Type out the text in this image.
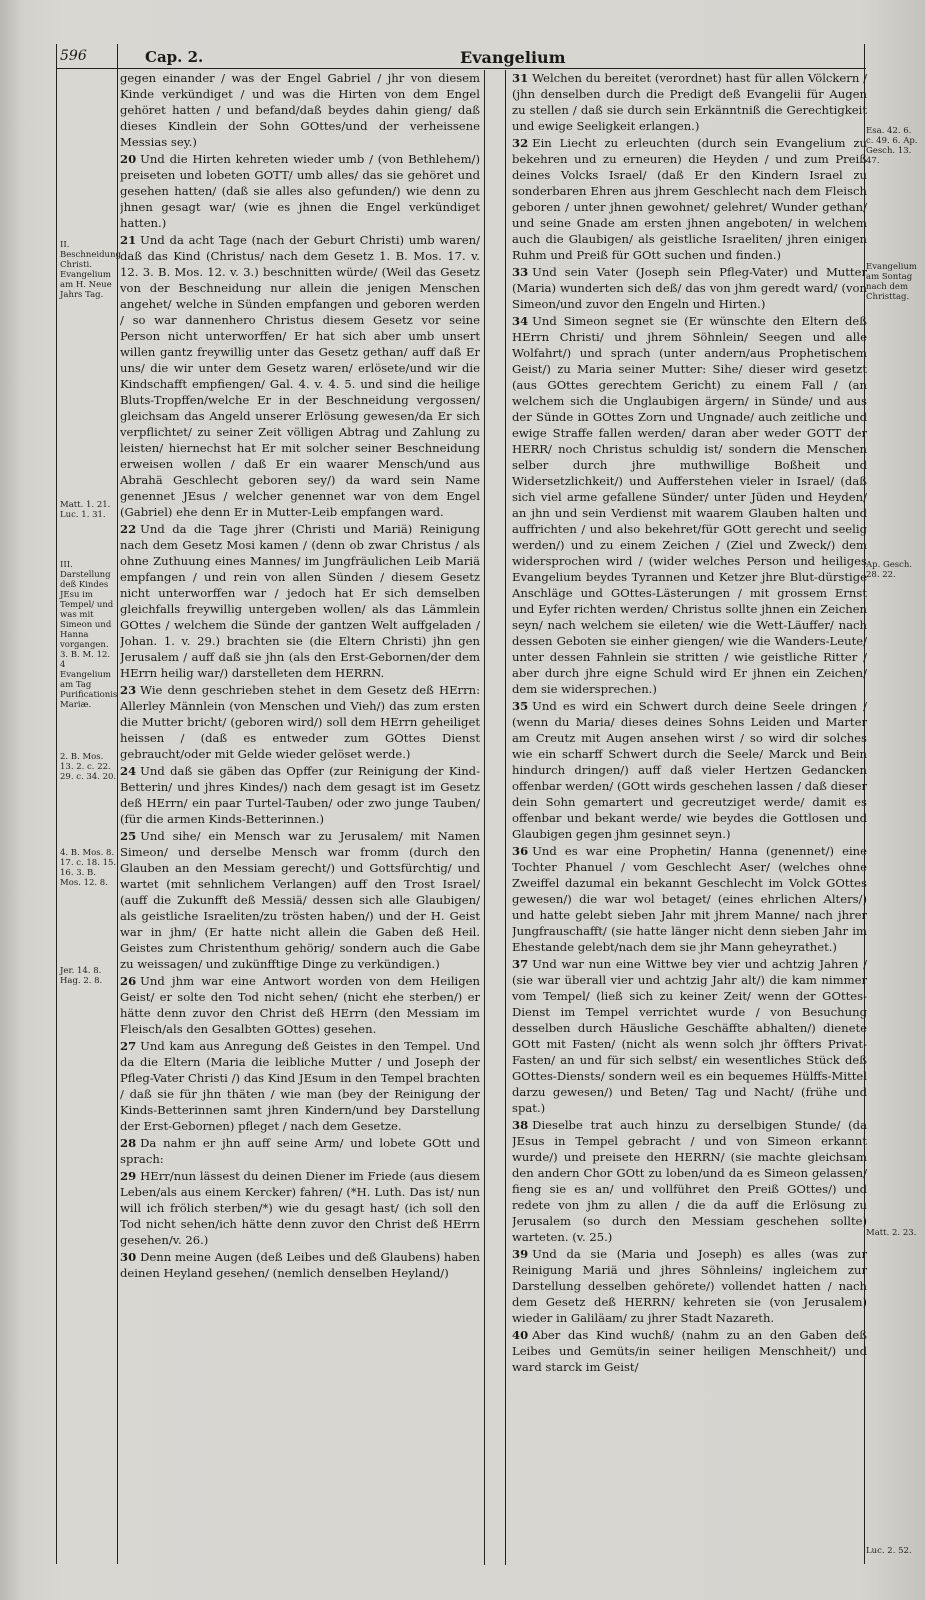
596	Cap. 2.	Evangelium

gegen einander / was der Engel Gabriel / jhr von diesem Kinde verkündiget / und was die Hirten von dem Engel gehöret hatten / und befand/daß beydes dahin gieng/ daß dieses Kindlein der Sohn GOttes/und der verheissene Messias sey.)

20 Und die Hirten kehreten wieder umb / (von Bethlehem/) preiseten und lobeten GOTT/ umb alles/ das sie gehöret und gesehen hatten/ (daß sie alles also gefunden/) wie denn zu jhnen gesagt war/ (wie es jhnen die Engel verkündiget hatten.)

21 Und da acht Tage (nach der Geburt Christi) umb waren/ daß das Kind (Christus/ nach dem Gesetz 1. B. Mos. 17. v. 12. 3. B. Mos. 12. v. 3.) beschnitten würde/ (Weil das Gesetz von der Beschneidung nur allein die jenigen Menschen angehet/ welche in Sünden empfangen und geboren werden / so war dannenhero Christus diesem Gesetz vor seine Person nicht unterworffen/ Er hat sich aber umb unsert willen gantz freywillig unter das Gesetz gethan/ auff daß Er uns/ die wir unter dem Gesetz waren/ erlösete/und wir die Kindschafft empfiengen/ Gal. 4. v. 4. 5. und sind die heilige Bluts-Tropffen/welche Er in der Beschneidung vergossen/ gleichsam das Angeld unserer Erlösung gewesen/da Er sich verpflichtet/ zu seiner Zeit völligen Abtrag und Zahlung zu leisten/ hiernechst hat Er mit solcher seiner Beschneidung erweisen wollen / daß Er ein waarer Mensch/und aus Abrahä Geschlecht geboren sey/) da ward sein Name genennet JEsus / welcher genennet war von dem Engel (Gabriel) ehe denn Er in Mutter-Leib empfangen ward.

22 Und da die Tage jhrer (Christi und Mariä) Reinigung nach dem Gesetz Mosi kamen / (denn ob zwar Christus / als ohne Zuthuung eines Mannes/ im Jungfräulichen Leib Mariä empfangen / und rein von allen Sünden / diesem Gesetz nicht unterworffen war / jedoch hat Er sich demselben gleichfalls freywillig untergeben wollen/ als das Lämmlein GOttes / welchem die Sünde der gantzen Welt auffgeladen / Johan. 1. v. 29.) brachten sie (die Eltern Christi) jhn gen Jerusalem / auff daß sie jhn (als den Erst-Gebornen/der dem HErrn heilig war/) darstelleten dem HERRN.

23 Wie denn geschrieben stehet in dem Gesetz deß HErrn: Allerley Männlein (von Menschen und Vieh/) das zum ersten die Mutter bricht/ (geboren wird/) soll dem HErrn geheiliget heissen / (daß es entweder zum GOttes Dienst gebraucht/oder mit Gelde wieder gelöset werde.)

24 Und daß sie gäben das Opffer (zur Reinigung der Kind-Betterin/ und jhres Kindes/) nach dem gesagt ist im Gesetz deß HErrn/ ein paar Turtel-Tauben/ oder zwo junge Tauben/ (für die armen Kinds-Betterinnen.)

25 Und sihe/ ein Mensch war zu Jerusalem/ mit Namen Simeon/ und derselbe Mensch war fromm (durch den Glauben an den Messiam gerecht/) und Gottsfürchtig/ und wartet (mit sehnlichem Verlangen) auff den Trost Israel/ (auff die Zukunfft deß Messiä/ dessen sich alle Glaubigen/ als geistliche Israeliten/zu trösten haben/) und der H. Geist war in jhm/ (Er hatte nicht allein die Gaben deß Heil. Geistes zum Christenthum gehörig/ sondern auch die Gabe zu weissagen/ und zukünfftige Dinge zu verkündigen.)

26 Und jhm war eine Antwort worden von dem Heiligen Geist/ er solte den Tod nicht sehen/ (nicht ehe sterben/) er hätte denn zuvor den Christ deß HErrn (den Messiam im Fleisch/als den Gesalbten GOttes) gesehen.

27 Und kam aus Anregung deß Geistes in den Tempel. Und da die Eltern (Maria die leibliche Mutter / und Joseph der Pfleg-Vater Christi /) das Kind JEsum in den Tempel brachten / daß sie für jhn thäten / wie man (bey der Reinigung der Kinds-Betterinnen samt jhren Kindern/und bey Darstellung der Erst-Gebornen) pfleget / nach dem Gesetze.

28 Da nahm er jhn auff seine Arm/ und lobete GOtt und sprach:

29 HErr/nun lässest du deinen Diener im Friede (aus diesem Leben/als aus einem Kercker) fahren/ (*H. Luth. Das ist/ nun will ich frölich sterben/*) wie du gesagt hast/ (ich soll den Tod nicht sehen/ich hätte denn zuvor den Christ deß HErrn gesehen/v. 26.)

30 Denn meine Augen (deß Leibes und deß Glaubens) haben deinen Heyland gesehen/ (nemlich denselben Heyland/)

31 Welchen du bereitet (verordnet) hast für allen Völckern / (jhn denselben durch die Predigt deß Evangelii für Augen zu stellen / daß sie durch sein Erkänntniß die Gerechtigkeit und ewige Seeligkeit erlangen.)

32 Ein Liecht zu erleuchten (durch sein Evangelium zu bekehren und zu erneuren) die Heyden / und zum Preiß deines Volcks Israel/ (daß Er den Kindern Israel zu sonderbaren Ehren aus jhrem Geschlecht nach dem Fleisch geboren / unter jhnen gewohnet/ gelehret/ Wunder gethan/ und seine Gnade am ersten jhnen angeboten/ in welchem auch die Glaubigen/ als geistliche Israeliten/ jhren einigen Ruhm und Preiß für GOtt suchen und finden.)

33 Und sein Vater (Joseph sein Pfleg-Vater) und Mutter (Maria) wunderten sich deß/ das von jhm geredt ward/ (von Simeon/und zuvor den Engeln und Hirten.)

34 Und Simeon segnet sie (Er wünschte den Eltern deß HErrn Christi/ und jhrem Söhnlein/ Seegen und alle Wolfahrt/) und sprach (unter andern/aus Prophetischem Geist/) zu Maria seiner Mutter: Sihe/ dieser wird gesetzt (aus GOttes gerechtem Gericht) zu einem Fall / (an welchem sich die Unglaubigen ärgern/ in Sünde/ und aus der Sünde in GOttes Zorn und Ungnade/ auch zeitliche und ewige Straffe fallen werden/ daran aber weder GOTT der HERR/ noch Christus schuldig ist/ sondern die Menschen selber durch jhre muthwillige Boßheit und Widersetzlichkeit/) und Aufferstehen vieler in Israel/ (daß sich viel arme gefallene Sünder/ unter Jüden und Heyden/ an jhn und sein Verdienst mit waarem Glauben halten und auffrichten / und also bekehret/für GOtt gerecht und seelig werden/) und zu einem Zeichen / (Ziel und Zweck/) dem widersprochen wird / (wider welches Person und heiliges Evangelium beydes Tyrannen und Ketzer jhre Blut-dürstige Anschläge und GOttes-Lästerungen / mit grossem Ernst und Eyfer richten werden/ Christus sollte jhnen ein Zeichen seyn/ nach welchem sie eileten/ wie die Wett-Läuffer/ nach dessen Geboten sie einher giengen/ wie die Wanders-Leute/ unter dessen Fahnlein sie stritten / wie geistliche Ritter / aber durch jhre eigne Schuld wird Er jhnen ein Zeichen/ dem sie widersprechen.)

35 Und es wird ein Schwert durch deine Seele dringen / (wenn du Maria/ dieses deines Sohns Leiden und Marter am Creutz mit Augen ansehen wirst / so wird dir solches wie ein scharff Schwert durch die Seele/ Marck und Bein hindurch dringen/) auff daß vieler Hertzen Gedancken offenbar werden/ (GOtt wirds geschehen lassen / daß dieser dein Sohn gemartert und gecreutziget werde/ damit es offenbar und bekant werde/ wie beydes die Gottlosen und Glaubigen gegen jhm gesinnet seyn.)

36 Und es war eine Prophetin/ Hanna (genennet/) eine Tochter Phanuel / vom Geschlecht Aser/ (welches ohne Zweiffel dazumal ein bekannt Geschlecht im Volck GOttes gewesen/) die war wol betaget/ (eines ehrlichen Alters/) und hatte gelebt sieben Jahr mit jhrem Manne/ nach jhrer Jungfrauschafft/ (sie hatte länger nicht denn sieben Jahr im Ehestande gelebt/nach dem sie jhr Mann geheyrathet.)

37 Und war nun eine Wittwe bey vier und achtzig Jahren / (sie war überall vier und achtzig Jahr alt/) die kam nimmer vom Tempel/ (ließ sich zu keiner Zeit/ wenn der GOttes-Dienst im Tempel verrichtet wurde / von Besuchung desselben durch Häusliche Geschäffte abhalten/) dienete GOtt mit Fasten/ (nicht als wenn solch jhr öffters Privat-Fasten/ an und für sich selbst/ ein wesentliches Stück deß GOttes-Diensts/ sondern weil es ein bequemes Hülffs-Mittel darzu gewesen/) und Beten/ Tag und Nacht/ (frühe und spat.)

38 Dieselbe trat auch hinzu zu derselbigen Stunde/ (da JEsus in Tempel gebracht / und von Simeon erkannt wurde/) und preisete den HERRN/ (sie machte gleichsam den andern Chor GOtt zu loben/und da es Simeon gelassen/ fieng sie es an/ und vollführet den Preiß GOttes/) und redete von jhm zu allen / die da auff die Erlösung zu Jerusalem (so durch den Messiam geschehen sollte) warteten. (v. 25.)

39 Und da sie (Maria und Joseph) es alles (was zur Reinigung Mariä und jhres Söhnleins/ ingleichem zur Darstellung desselben gehörete/) vollendet hatten / nach dem Gesetz deß HERRN/ kehreten sie (von Jerusalem) wieder in Galiläam/ zu jhrer Stadt Nazareth.

40 Aber das Kind wuchß/ (nahm zu an den Gaben deß Leibes und Gemüts/in seiner heiligen Menschheit/) und ward starck im Geist/

II. Beschneidung Christi. Evangelium am H. Neue Jahrs Tag.
Matt. 1. 21. Luc. 1. 31.
III. Darstellung deß Kindes JEsu im Tempel/ und was mit Simeon und Hanna vorgangen. 3. B. M. 12. 4 Evangelium am Tag Purificationis Mariæ.
2. B. Mos. 13. 2. c. 22. 29. c. 34. 20.
4. B. Mos. 8. 17. c. 18. 15. 16. 3. B. Mos. 12. 8.
Jer. 14. 8. Hag. 2. 8.
Esa. 42. 6. c. 49. 6. Ap. Gesch. 13. 47.
Evangelium am Sontag nach dem Christtag.
Ap. Gesch. 28. 22.
Matt. 2. 23.
Luc. 2. 52.
